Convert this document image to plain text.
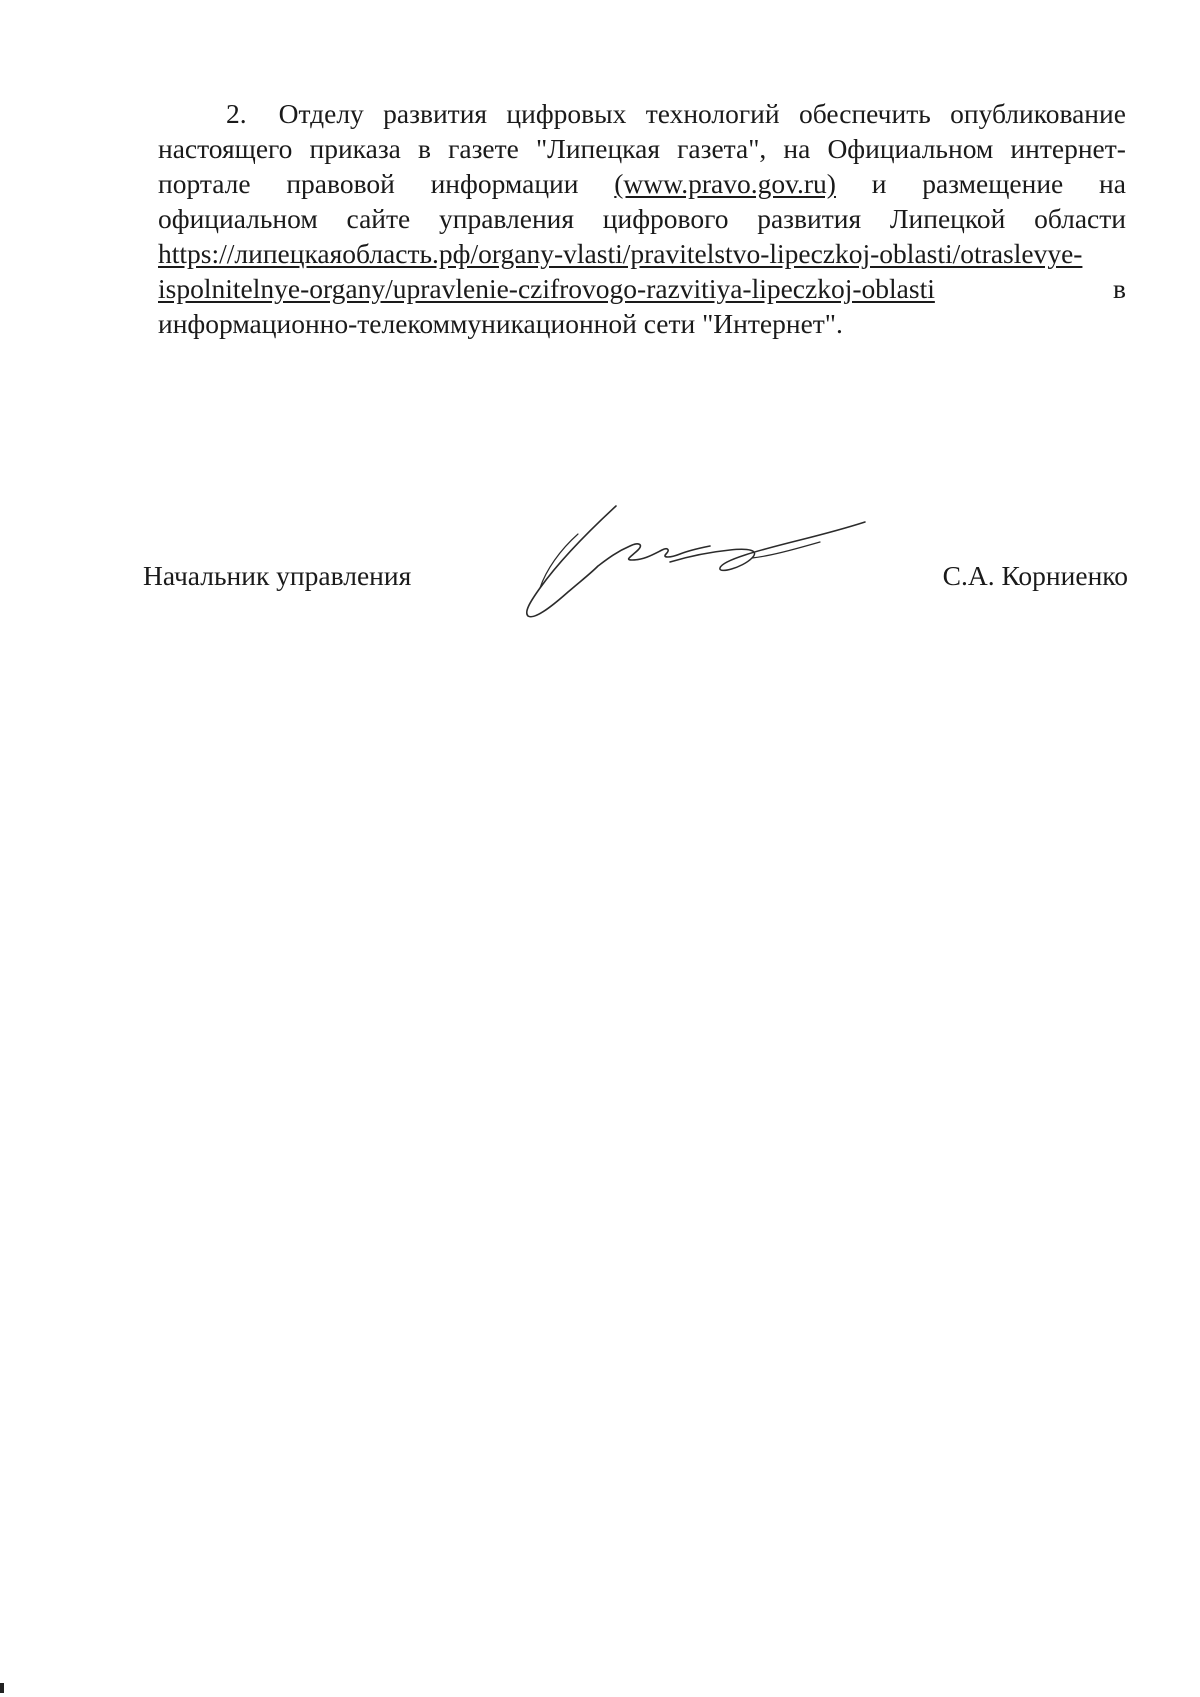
2. Отделу развития цифровых технологий обеспечить опубликование
настоящего приказа в газете "Липецкая газета", на Официальном интернет-
портале правовой информации (www.pravo.gov.ru) и размещение на
официальном сайте управления цифрового развития Липецкой области
https://липецкаяобласть.рф/organy-vlasti/pravitelstvo-lipeczkoj-oblasti/otraslevye-
ispolnitelnye-organy/upravlenie-czifrovogo-razvitiya-lipeczkoj-oblasti	в
информационно-телекоммуникационной сети "Интернет".
Начальник управления	С.А. Корниенко
